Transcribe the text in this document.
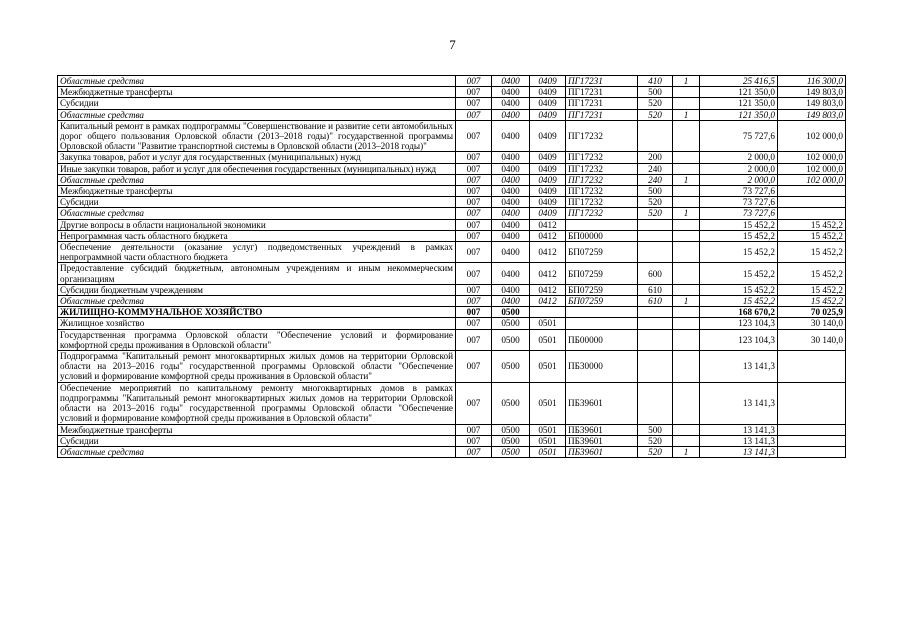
7
Областные средства	007	0400	0409	ПГ17231	410	1	25 416,5	116 300,0
Межбюджетные трансферты	007	0400	0409	ПГ17231	500		121 350,0	149 803,0
Субсидии	007	0400	0409	ПГ17231	520		121 350,0	149 803,0
Областные средства	007	0400	0409	ПГ17231	520	1	121 350,0	149 803,0
Капитальный ремонт в рамках подпрограммы "Совершенствование и развитие сети автомобильных дорог общего пользования Орловской области (2013–2018 годы)" государственной программы Орловской области "Развитие транспортной системы в Орловской области (2013–2018 годы)"	007	0400	0409	ПГ17232			75 727,6	102 000,0
Закупка товаров, работ и услуг для государственных (муниципальных) нужд	007	0400	0409	ПГ17232	200		2 000,0	102 000,0
Иные закупки товаров, работ и услуг для обеспечения государственных (муниципальных) нужд	007	0400	0409	ПГ17232	240		2 000,0	102 000,0
Областные средства	007	0400	0409	ПГ17232	240	1	2 000,0	102 000,0
Межбюджетные трансферты	007	0400	0409	ПГ17232	500		73 727,6	
Субсидии	007	0400	0409	ПГ17232	520		73 727,6	
Областные средства	007	0400	0409	ПГ17232	520	1	73 727,6	
Другие вопросы в области национальной экономики	007	0400	0412				15 452,2	15 452,2
Непрограммная часть областного бюджета	007	0400	0412	БП00000			15 452,2	15 452,2
Обеспечение деятельности (оказание услуг) подведомственных учреждений в рамках непрограммной части областного бюджета	007	0400	0412	БП07259			15 452,2	15 452,2
Предоставление субсидий бюджетным, автономным учреждениям и иным некоммерческим организациям	007	0400	0412	БП07259	600		15 452,2	15 452,2
Субсидии бюджетным учреждениям	007	0400	0412	БП07259	610		15 452,2	15 452,2
Областные средства	007	0400	0412	БП07259	610	1	15 452,2	15 452,2
ЖИЛИЩНО-КОММУНАЛЬНОЕ ХОЗЯЙСТВО	007	0500					168 670,2	70 025,9
Жилищное хозяйство	007	0500	0501				123 104,3	30 140,0
Государственная программа Орловской области "Обеспечение условий и формирование комфортной среды проживания в Орловской области"	007	0500	0501	ПБ00000			123 104,3	30 140,0
Подпрограмма "Капитальный ремонт многоквартирных жилых домов на территории Орловской области на 2013–2016 годы" государственной программы Орловской области "Обеспечение условий и формирование комфортной среды проживания в Орловской области"	007	0500	0501	ПБ30000			13 141,3	
Обеспечение мероприятий по капитальному ремонту многоквартирных домов в рамках подпрограммы "Капитальный ремонт многоквартирных жилых домов на территории Орловской области на 2013–2016 годы" государственной программы Орловской области "Обеспечение условий и формирование комфортной среды проживания в Орловской области"	007	0500	0501	ПБ39601			13 141,3	
Межбюджетные трансферты	007	0500	0501	ПБ39601	500		13 141,3	
Субсидии	007	0500	0501	ПБ39601	520		13 141,3	
Областные средства	007	0500	0501	ПБ39601	520	1	13 141,3	
